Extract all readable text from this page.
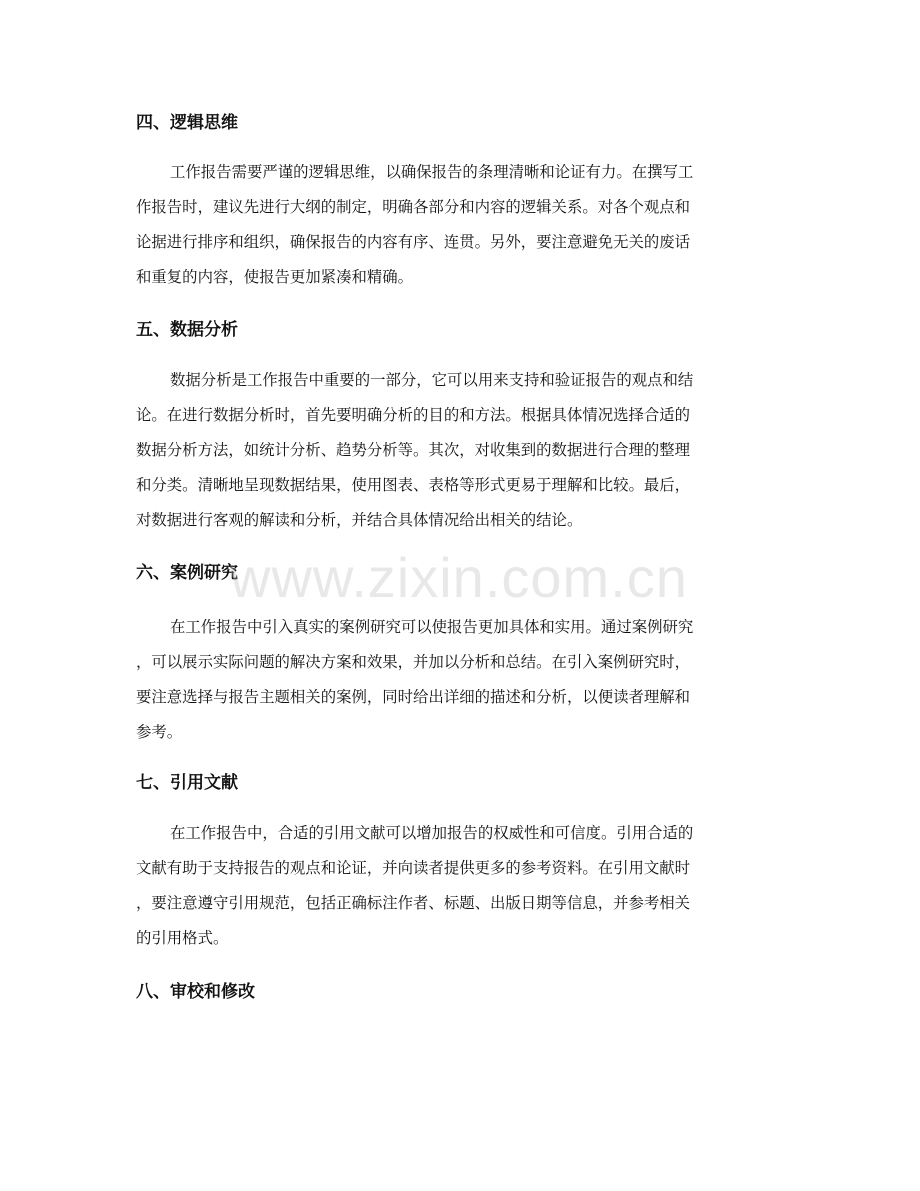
四、逻辑思维
工作报告需要严谨的逻辑思维，以确保报告的条理清晰和论证有力。在撰写工
作报告时，建议先进行大纲的制定，明确各部分和内容的逻辑关系。对各个观点和
论据进行排序和组织，确保报告的内容有序、连贯。另外，要注意避免无关的废话
和重复的内容，使报告更加紧凑和精确。
五、数据分析
数据分析是工作报告中重要的一部分，它可以用来支持和验证报告的观点和结
论。在进行数据分析时，首先要明确分析的目的和方法。根据具体情况选择合适的
数据分析方法，如统计分析、趋势分析等。其次，对收集到的数据进行合理的整理
和分类。清晰地呈现数据结果，使用图表、表格等形式更易于理解和比较。最后，
对数据进行客观的解读和分析，并结合具体情况给出相关的结论。
六、案例研究
在工作报告中引入真实的案例研究可以使报告更加具体和实用。通过案例研究
，可以展示实际问题的解决方案和效果，并加以分析和总结。在引入案例研究时，
要注意选择与报告主题相关的案例，同时给出详细的描述和分析，以便读者理解和
参考。
七、引用文献
在工作报告中，合适的引用文献可以增加报告的权威性和可信度。引用合适的
文献有助于支持报告的观点和论证，并向读者提供更多的参考资料。在引用文献时
，要注意遵守引用规范，包括正确标注作者、标题、出版日期等信息，并参考相关
的引用格式。
八、审校和修改
www.zixin.com.cn
